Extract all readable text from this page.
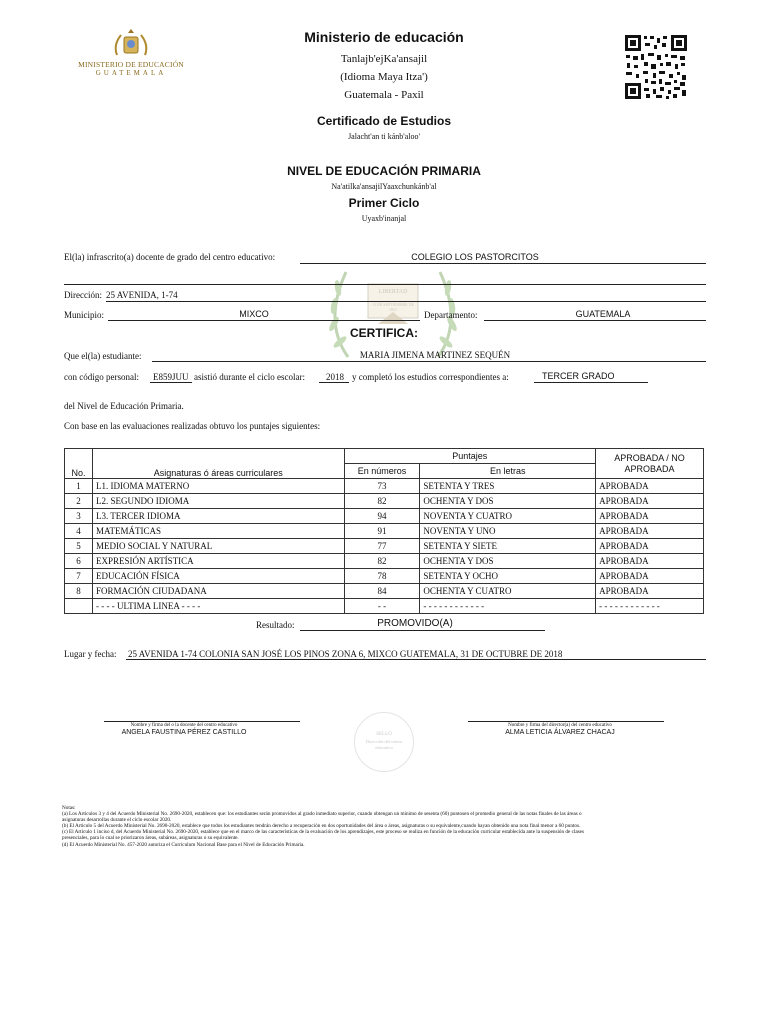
MINISTERIO DE EDUCACIÓN
GUATEMALA
Ministerio de educación
Tanlajb'ejKa'ansajil
(Idioma Maya Itza')
Guatemala - Paxil
Certificado de Estudios
Jalacht'an ti kánb'aloo'
NIVEL DE EDUCACIÓN PRIMARIA
Na'atilka'ansajilYaaxchunkánb'al
Primer Ciclo
Uyaxb'inanjal
LIBERTAD
15 DE SEPTIEMBRE DE 1821
El(la) infrascrito(a) docente de grado del centro educativo:	COLEGIO LOS PASTORCITOS
Dirección: 25 AVENIDA, 1-74
Municipio:	MIXCO	Departamento:	GUATEMALA
CERTIFICA:
Que el(la) estudiante:	MARIA JIMENA MARTINEZ SEQUÉN
con código personal: E859JUU asistió durante el ciclo escolar: 2018 y completó los estudios correspondientes a:	TERCER GRADO
del Nivel de Educación Primaria.
Con base en las evaluaciones realizadas obtuvo los puntajes siguientes:
No.	Asignaturas ó áreas curriculares	Puntajes		APROBADA / NO APROBADA
		En números	En letras	
1	L1. IDIOMA MATERNO	73	SETENTA Y TRES	APROBADA
2	L2. SEGUNDO IDIOMA	82	OCHENTA Y DOS	APROBADA
3	L3. TERCER IDIOMA	94	NOVENTA Y CUATRO	APROBADA
4	MATEMÁTICAS	91	NOVENTA Y UNO	APROBADA
5	MEDIO SOCIAL Y NATURAL	77	SETENTA Y SIETE	APROBADA
6	EXPRESIÓN ARTÍSTICA	82	OCHENTA Y DOS	APROBADA
7	EDUCACIÓN FÍSICA	78	SETENTA Y OCHO	APROBADA
8	FORMACIÓN CIUDADANA	84	OCHENTA Y CUATRO	APROBADA
	- - - - ULTIMA LINEA - - - -	- -	- - - - - - - - - - - -	- - - - - - - - - - - -
Resultado:	PROMOVIDO(A)
Lugar y fecha: 25 AVENIDA 1-74 COLONIA SAN JOSÉ LOS PINOS ZONA 6, MIXCO GUATEMALA, 31 DE OCTUBRE DE 2018
Nombre y firma del o la docente del centro educativo
ANGELA FAUSTINA PÉREZ CASTILLO	SELLO
Dirección del centro
educativo
Nombre y firma del director(a) del centro educativo
ALMA LETICIA ÁLVAREZ CHACAJ
Notas:
(a) Los Artículos 3 y 4 del Acuerdo Ministerial No. 2690-2020, establecen que: los estudiantes serán promovidos al grado inmediato superior, cuando obtengan un mínimo de sesenta (60) puntosen el promedio general de las notas finales de las áreas o asignaturas desarrollas durante el ciclo escolar 2020.
(b) El Artículo 5 del Acuerdo Ministerial No. 2690-2020, establece que todos los estudiantes tendrán derecho a recuperación en dos oportunidades del área o áreas, asignaturas o su equivalente,cuando hayan obtenido una nota final menor a 60 puntos.
(c) El Artículo 1 inciso d, del Acuerdo Ministerial No. 2690-2020, establece que en el marco de las características de la evaluación de los aprendizajes, este proceso se realiza en función de la educación curricular establecida ante la suspensión de clases presenciales, para lo cual se priorizaron áreas, subáreas, asignaturas o su equivalente.
(d) El Acuerdo Ministerial No. 457-2020 autoriza el Curriculum Nacional Base para el Nivel de Educación Primaria.
